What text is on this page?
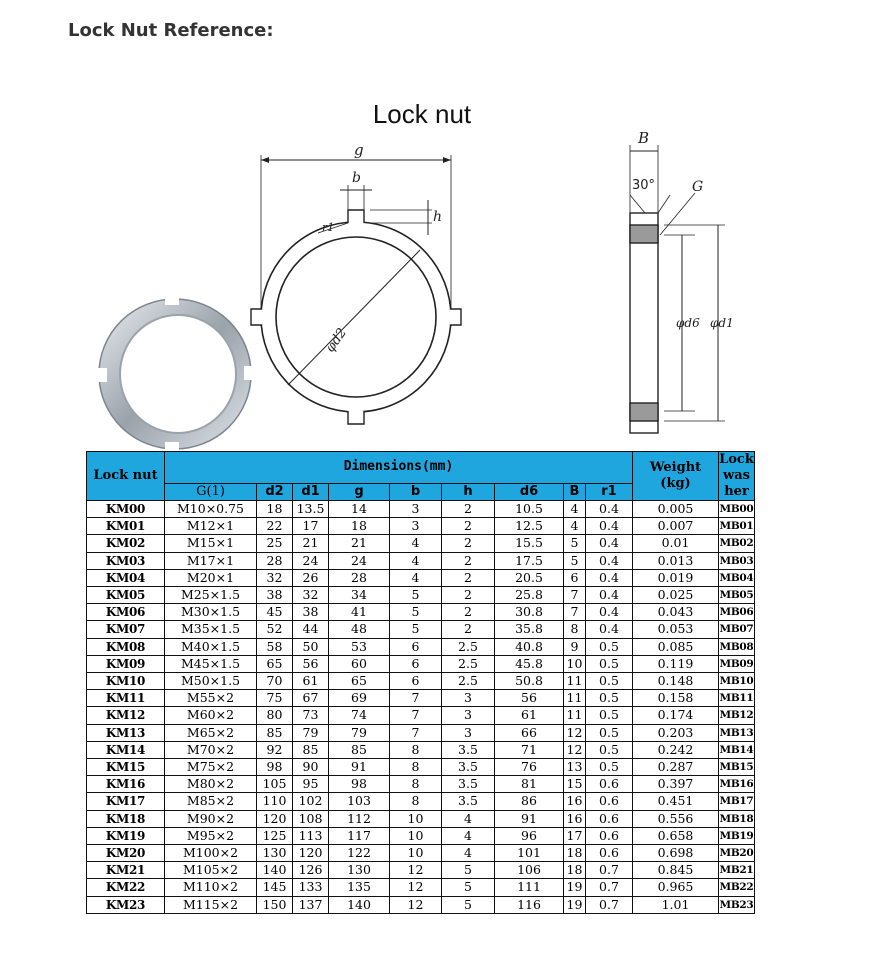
Lock Nut Reference:
Lock nut
g
b
h
r1
φd2
B
30°	G
φd6 φd1
Lock nut	Dimensions(mm)									Weight (kg)	Lock washer
	G(1)	d2	d1	g	b	h	d6	B	r1		
KM00	M10×0.75	18	13.5	14	3	2	10.5	4	0.4	0.005	MB00
KM01	M12×1	22	17	18	3	2	12.5	4	0.4	0.007	MB01
KM02	M15×1	25	21	21	4	2	15.5	5	0.4	0.01	MB02
KM03	M17×1	28	24	24	4	2	17.5	5	0.4	0.013	MB03
KM04	M20×1	32	26	28	4	2	20.5	6	0.4	0.019	MB04
KM05	M25×1.5	38	32	34	5	2	25.8	7	0.4	0.025	MB05
KM06	M30×1.5	45	38	41	5	2	30.8	7	0.4	0.043	MB06
KM07	M35×1.5	52	44	48	5	2	35.8	8	0.4	0.053	MB07
KM08	M40×1.5	58	50	53	6	2.5	40.8	9	0.5	0.085	MB08
KM09	M45×1.5	65	56	60	6	2.5	45.8	10	0.5	0.119	MB09
KM10	M50×1.5	70	61	65	6	2.5	50.8	11	0.5	0.148	MB10
KM11	M55×2	75	67	69	7	3	56	11	0.5	0.158	MB11
KM12	M60×2	80	73	74	7	3	61	11	0.5	0.174	MB12
KM13	M65×2	85	79	79	7	3	66	12	0.5	0.203	MB13
KM14	M70×2	92	85	85	8	3.5	71	12	0.5	0.242	MB14
KM15	M75×2	98	90	91	8	3.5	76	13	0.5	0.287	MB15
KM16	M80×2	105	95	98	8	3.5	81	15	0.6	0.397	MB16
KM17	M85×2	110	102	103	8	3.5	86	16	0.6	0.451	MB17
KM18	M90×2	120	108	112	10	4	91	16	0.6	0.556	MB18
KM19	M95×2	125	113	117	10	4	96	17	0.6	0.658	MB19
KM20	M100×2	130	120	122	10	4	101	18	0.6	0.698	MB20
KM21	M105×2	140	126	130	12	5	106	18	0.7	0.845	MB21
KM22	M110×2	145	133	135	12	5	111	19	0.7	0.965	MB22
KM23	M115×2	150	137	140	12	5	116	19	0.7	1.01	MB23
